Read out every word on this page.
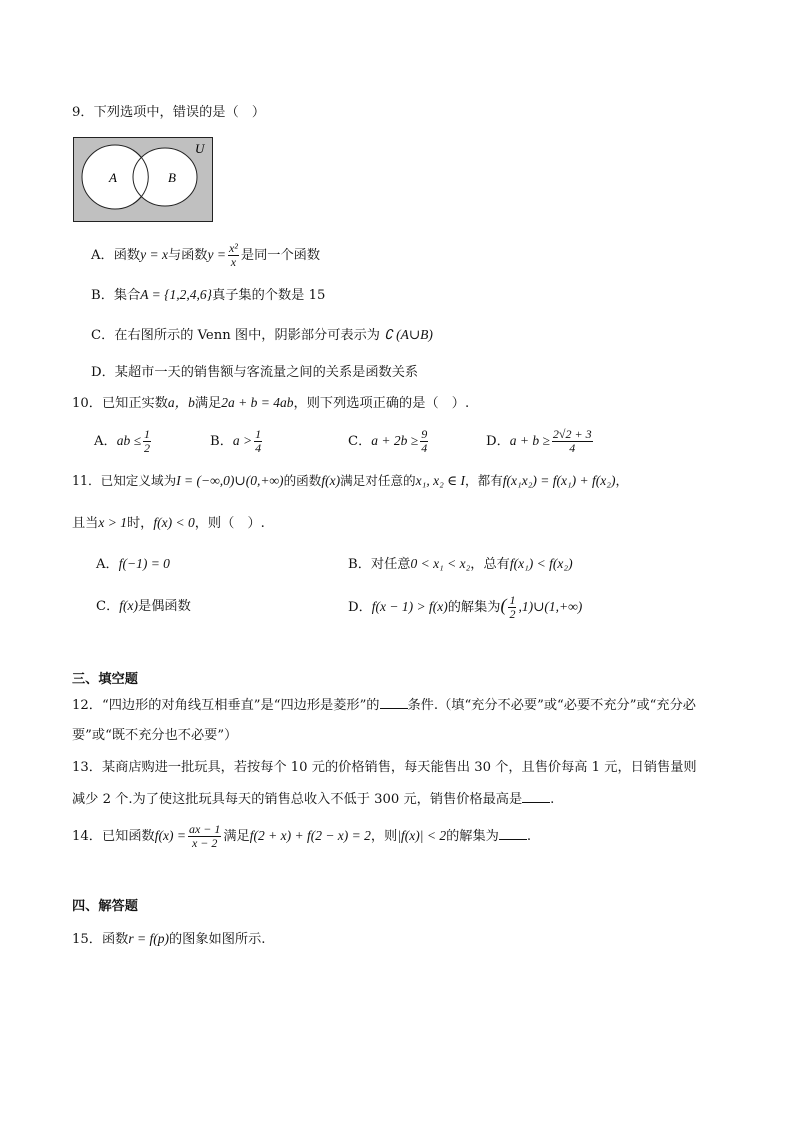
9．下列选项中，错误的是（　）
A	B
U
A．函数y = x与函数$y = \frac{\text{x²}}{x}$ 是同一个函数
B．集合A = {1,2,4,6}真子集的个数是 15
C．在右图所示的 Venn 图中，阴影部分可表示为 ∁ (A∪B)
D．某超市一天的销售额与客流量之间的关系是函数关系
10．已知正实数a，b满足2a + b = 4ab，则下列选项正确的是（　）.
A．ab ≤ $\frac{1}{2}$	B．$a > \frac{1}{4}$	C．$a + 2b \ge \frac{9}{4}$	D．$a + b \ge \frac{2√2 + 3}{4}$
11．已知定义域为I = (−∞,0)∪(0,+∞)的函数f(x)满足对任意的x₁, x₂ ∈ I，都有f(x₁x₂) = f(x₁) + f(x₂)，
且当x > 1时，f(x) < 0，则（　）.
A．f(−1) = 0	B．对任意0 < x₁ < x₂，总有f(x₁) < f(x₂)
C．f(x)是偶函数	D．f(x − 1) > f(x)的解集为( $\frac{1}{2}$ ,1)∪(1,+∞)
三、填空题
12．“四边形的对角线互相垂直”是“四边形是菱形”的 条件.（填“充分不必要”或“必要不充分”或“充分必
要”或“既不充分也不必要”）
13．某商店购进一批玩具，若按每个 10 元的价格销售，每天能售出 30 个，且售价每高 1 元，日销售量则
减少 2 个.为了使这批玩具每天的销售总收入不低于 300 元，销售价格最高是 .
14．已知函数$f(x) = \frac{ax - 1}{x - 2}$ 满足f(2 + x) + f(2 − x) = 2，则|f(x)| < 2的解集为 .
四、解答题
15．函数r = f(p)的图象如图所示.
